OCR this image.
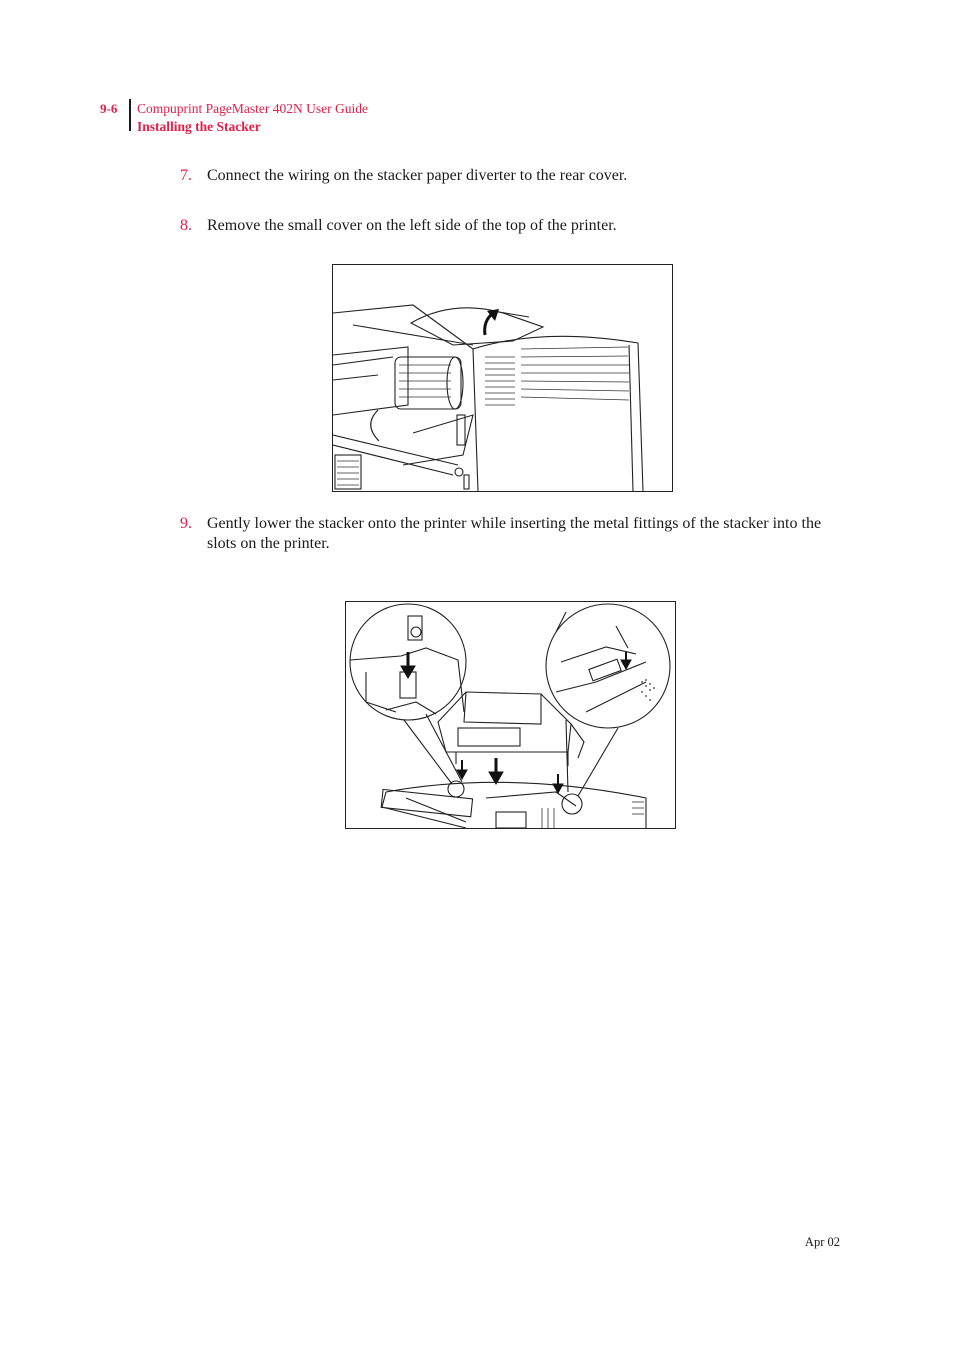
9-6 Compuprint PageMaster 402N User Guide
Installing the Stacker
7. Connect the wiring on the stacker paper diverter to the rear cover.
8. Remove the small cover on the left side of the top of the printer.
9. Gently lower the stacker onto the printer while inserting the metal fittings of the stacker into the slots on the printer.
Apr 02
